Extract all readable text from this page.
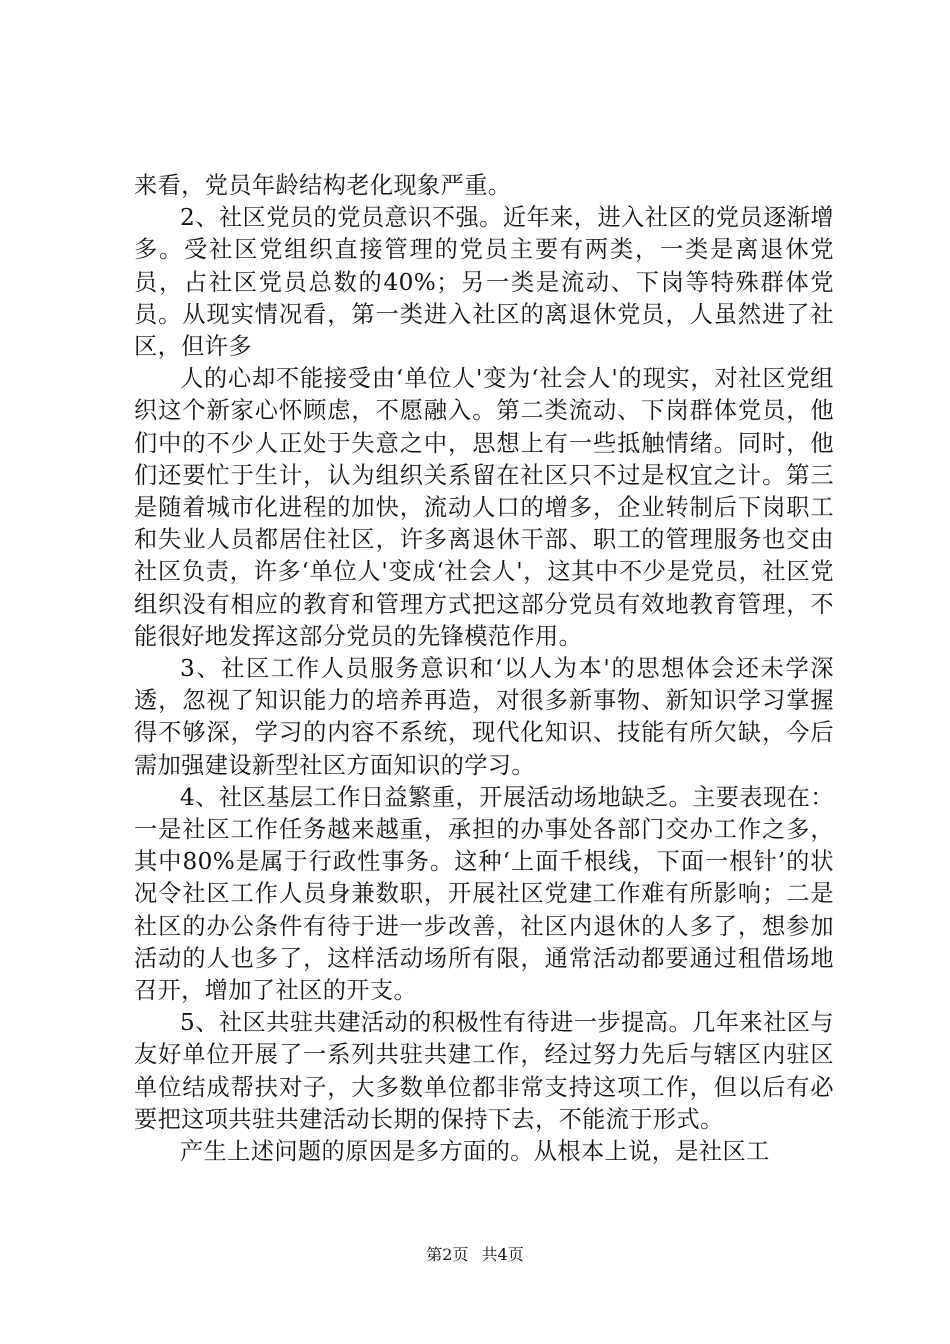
来看，党员年龄结构老化现象严重。

2、社区党员的党员意识不强。近年来，进入社区的党员逐渐增多。受社区党组织直接管理的党员主要有两类，一类是离退休党员，占社区党员总数的40%；另一类是流动、下岗等特殊群体党员。从现实情况看，第一类进入社区的离退休党员，人虽然进了社区，但许多

人的心却不能接受由‘单位人'变为‘社会人'的现实，对社区党组织这个新家心怀顾虑，不愿融入。第二类流动、下岗群体党员，他们中的不少人正处于失意之中，思想上有一些抵触情绪。同时，他们还要忙于生计，认为组织关系留在社区只不过是权宜之计。第三是随着城市化进程的加快，流动人口的增多，企业转制后下岗职工和失业人员都居住社区，许多离退休干部、职工的管理服务也交由社区负责，许多‘单位人'变成‘社会人'，这其中不少是党员，社区党组织没有相应的教育和管理方式把这部分党员有效地教育管理，不能很好地发挥这部分党员的先锋模范作用。

3、社区工作人员服务意识和‘以人为本'的思想体会还未学深透，忽视了知识能力的培养再造，对很多新事物、新知识学习掌握得不够深，学习的内容不系统，现代化知识、技能有所欠缺，今后需加强建设新型社区方面知识的学习。

4、社区基层工作日益繁重，开展活动场地缺乏。主要表现在：一是社区工作任务越来越重，承担的办事处各部门交办工作之多，其中80%是属于行政性事务。这种‘上面千根线，下面一根针’的状况令社区工作人员身兼数职，开展社区党建工作难有所影响；二是社区的办公条件有待于进一步改善，社区内退休的人多了，想参加活动的人也多了，这样活动场所有限，通常活动都要通过租借场地召开，增加了社区的开支。

5、社区共驻共建活动的积极性有待进一步提高。几年来社区与友好单位开展了一系列共驻共建工作，经过努力先后与辖区内驻区单位结成帮扶对子，大多数单位都非常支持这项工作，但以后有必要把这项共驻共建活动长期的保持下去，不能流于形式。

产生上述问题的原因是多方面的。从根本上说，是社区工

第2页 共4页
